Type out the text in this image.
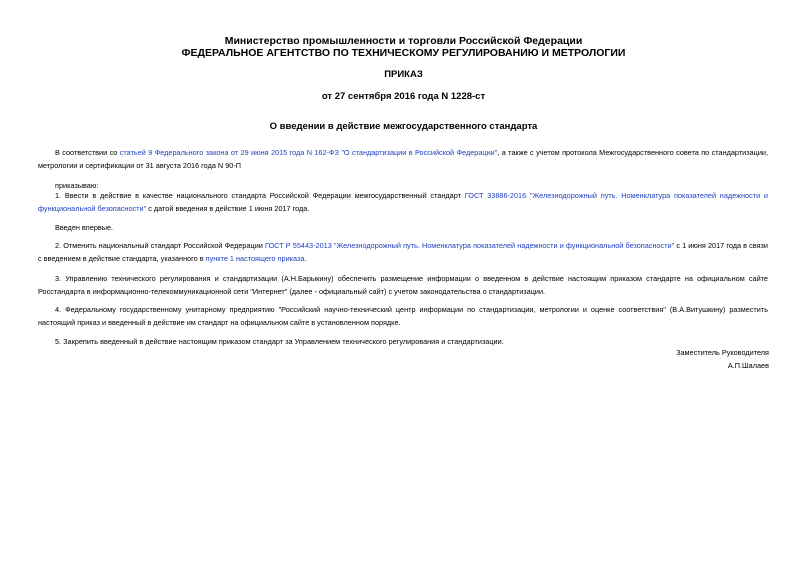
Министерство промышленности и торговли Российской Федерации
ФЕДЕРАЛЬНОЕ АГЕНТСТВО ПО ТЕХНИЧЕСКОМУ РЕГУЛИРОВАНИЮ И МЕТРОЛОГИИ
ПРИКАЗ
от 27 сентября 2016 года N 1228-ст
О введении в действие межгосударственного стандарта

В соответствии со статьей 9 Федерального закона от 29 июня 2015 года N 162-ФЗ "О стандартизации в Российской Федерации", а также с учетом протокола Межгосударственного совета по стандартизации, метрологии и сертификации от 31 августа 2016 года N 90-П

приказываю:

1. Ввести в действие в качестве национального стандарта Российской Федерации межгосударственный стандарт ГОСТ 33886-2016 "Железнодорожный путь. Номенклатура показателей надежности и функциональной безопасности" с датой введения в действие 1 июня 2017 года.

Введен впервые.

2. Отменить национальный стандарт Российской Федерации ГОСТ Р 55443-2013 "Железнодорожный путь. Номенклатура показателей надежности и функциональной безопасности" с 1 июня 2017 года в связи с введением в действие стандарта, указанного в пункте 1 настоящего приказа.

3. Управлению технического регулирования и стандартизации (А.Н.Барыкину) обеспечить размещение информации о введенном в действие настоящим приказом стандарте на официальном сайте Росстандарта в информационно-телекоммуникационной сети "Интернет" (далее - официальный сайт) с учетом законодательства о стандартизации.

4. Федеральному государственному унитарному предприятию "Российский научно-технический центр информации по стандартизации, метрологии и оценке соответствия" (В.А.Витушкину) разместить настоящий приказ и введенный в действие им стандарт на официальном сайте в установленном порядке.

5. Закрепить введенный в действие настоящим приказом стандарт за Управлением технического регулирования и стандартизации.

Заместитель Руководителя
А.П.Шалаев
